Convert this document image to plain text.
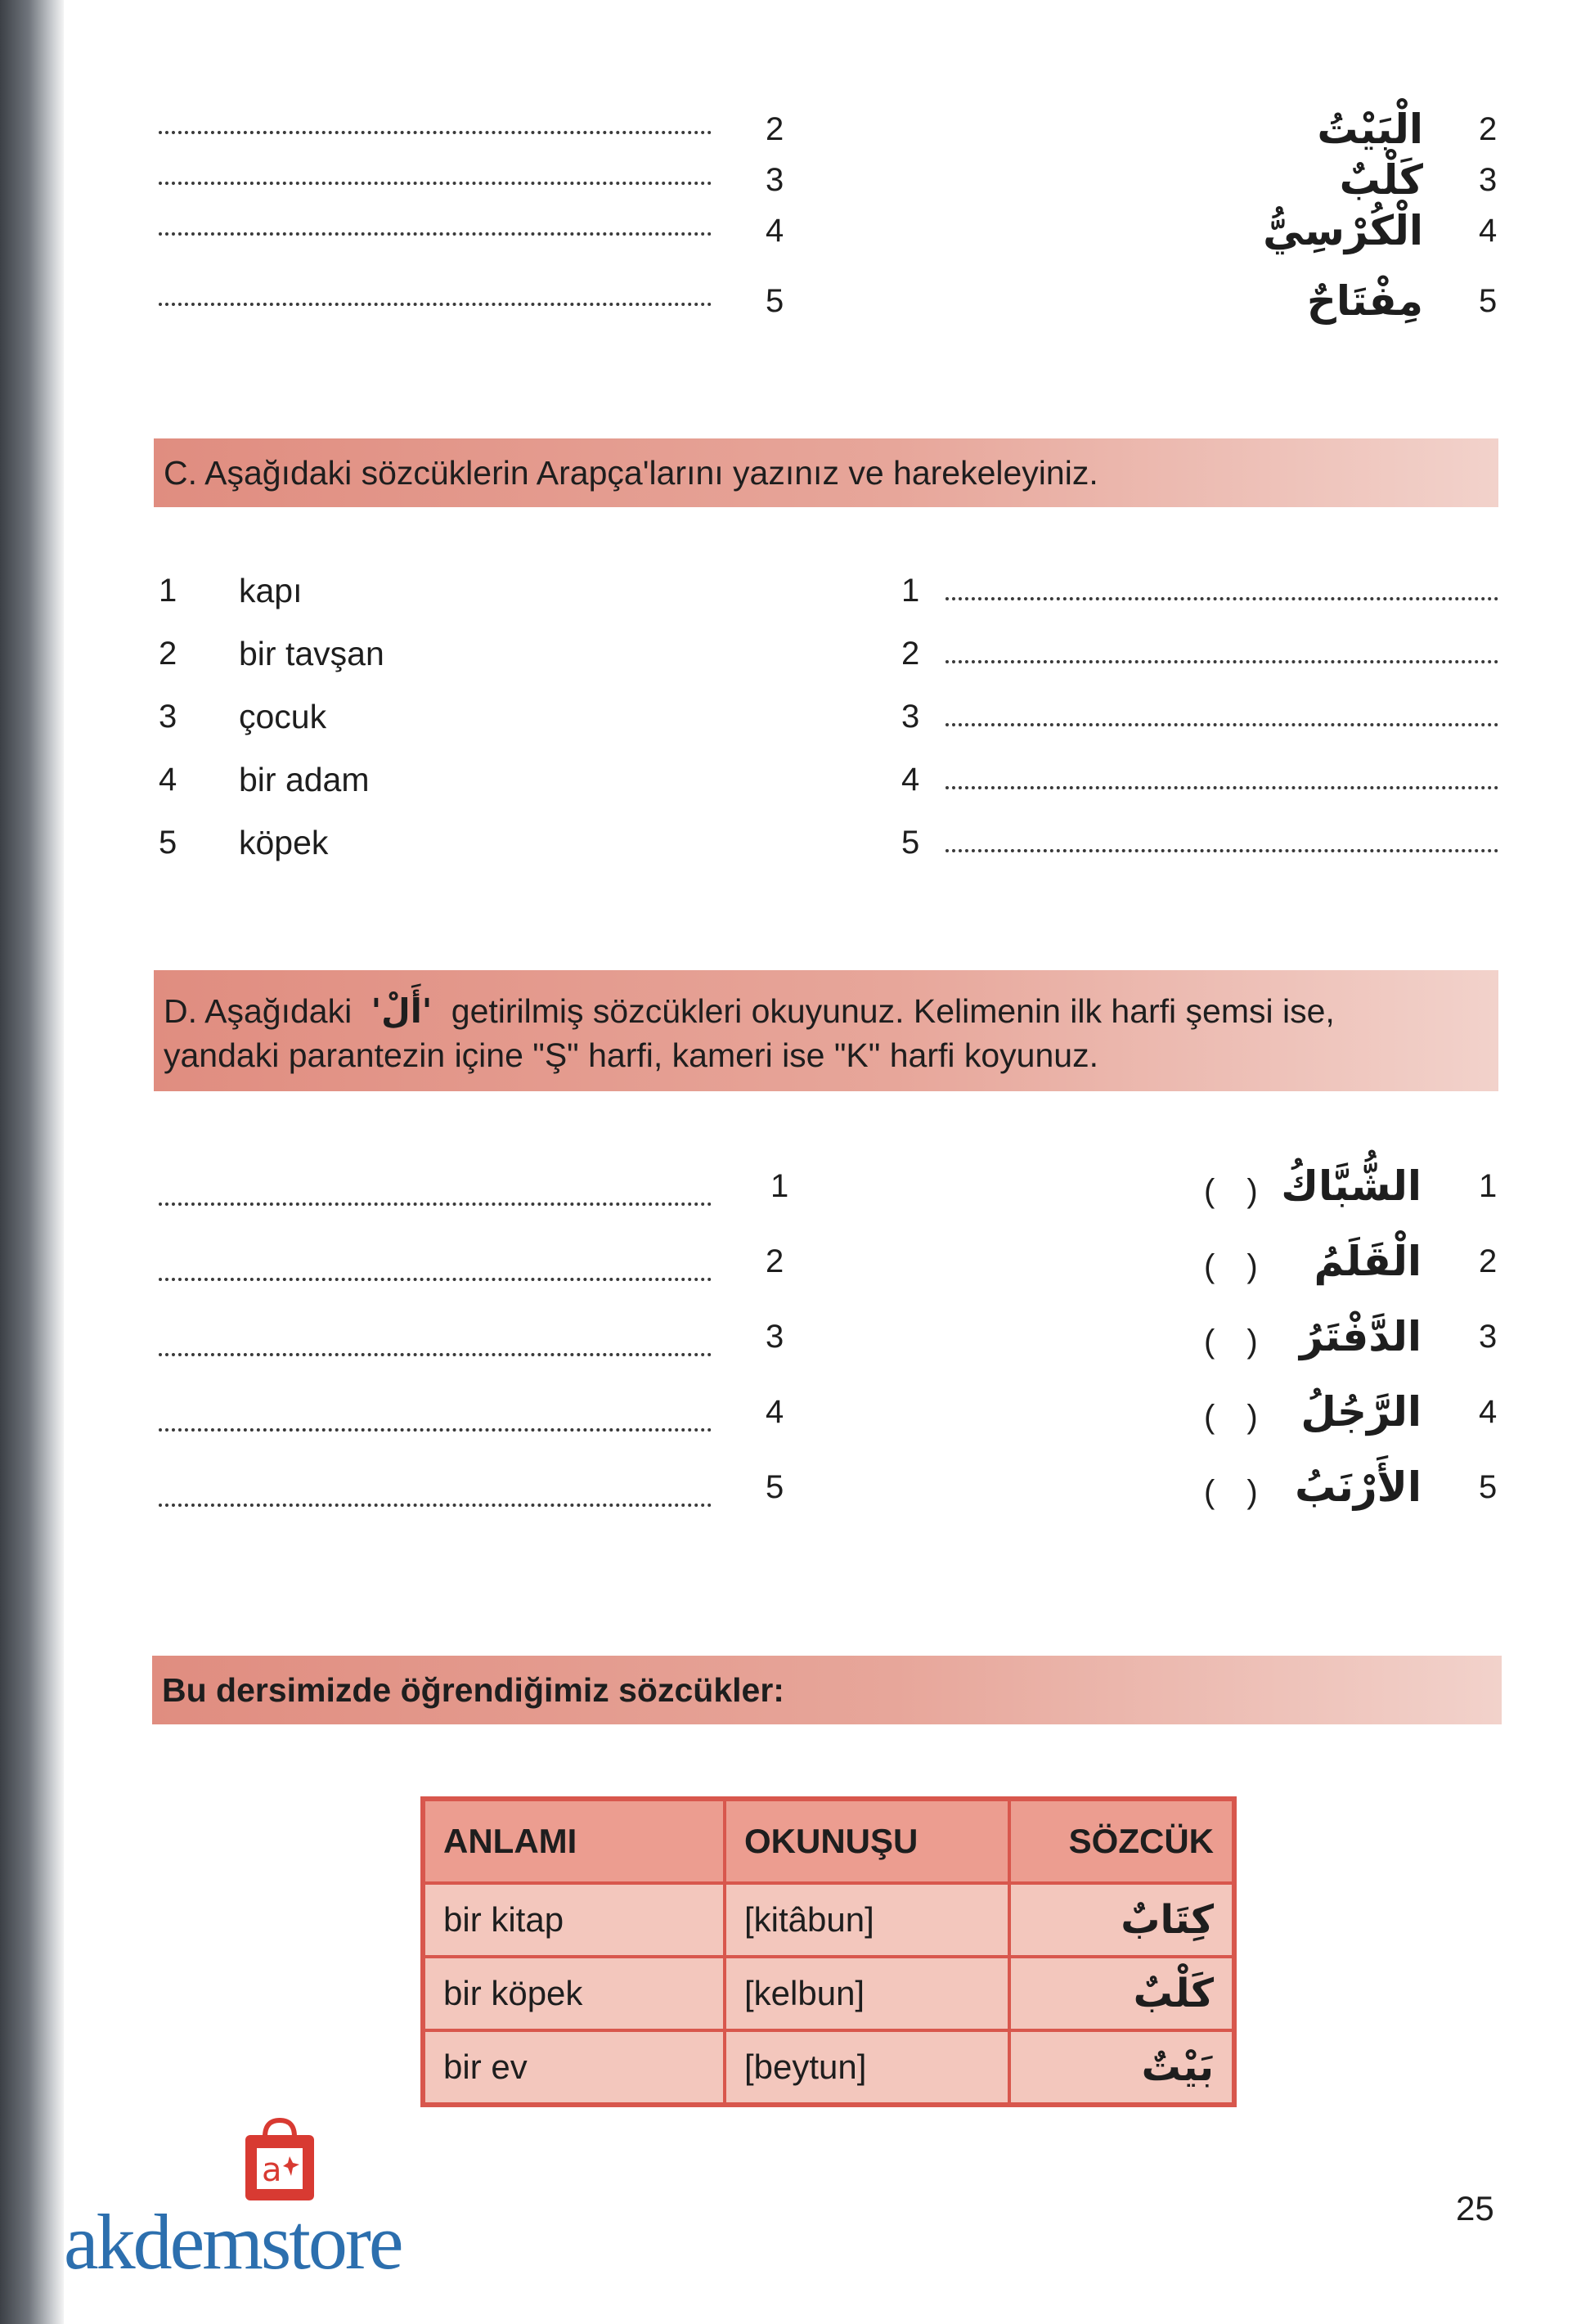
2	الْبَيْتُ 2
3	كَلْبٌ 3
4	الْكُرْسِيُّ 4
5	مِفْتَاحٌ 5
C. Aşağıdaki sözcüklerin Arapça'larını yazınız ve harekeleyiniz.
1 kapı	1
2 bir tavşan	2
3 çocuk	3
4 bir adam	4
5 köpek	5
D. Aşağıdaki 'أَلْ' getirilmiş sözcükleri okuyunuz. Kelimenin ilk harfi şemsi ise,
yandaki parantezin içine "Ş" harfi, kameri ise "K" harfi koyunuz.
1	( ) الشُّبَّاكُ 1
2	( )	الْقَلَمُ 2
3	( ) الدَّفْتَرُ 3
4	( ) الرَّجُلُ 4
5	( ) الأَرْنَبُ 5
Bu dersimizde öğrendiğimiz sözcükler:
ANLAMI	OKUNUŞU	SÖZCÜK
bir kitap	[kitâbun]	كِتَابٌ
bir köpek	[kelbun]	كَلْبٌ
bir ev	[beytun]	بَيْتٌ
25
a
akdemstore
